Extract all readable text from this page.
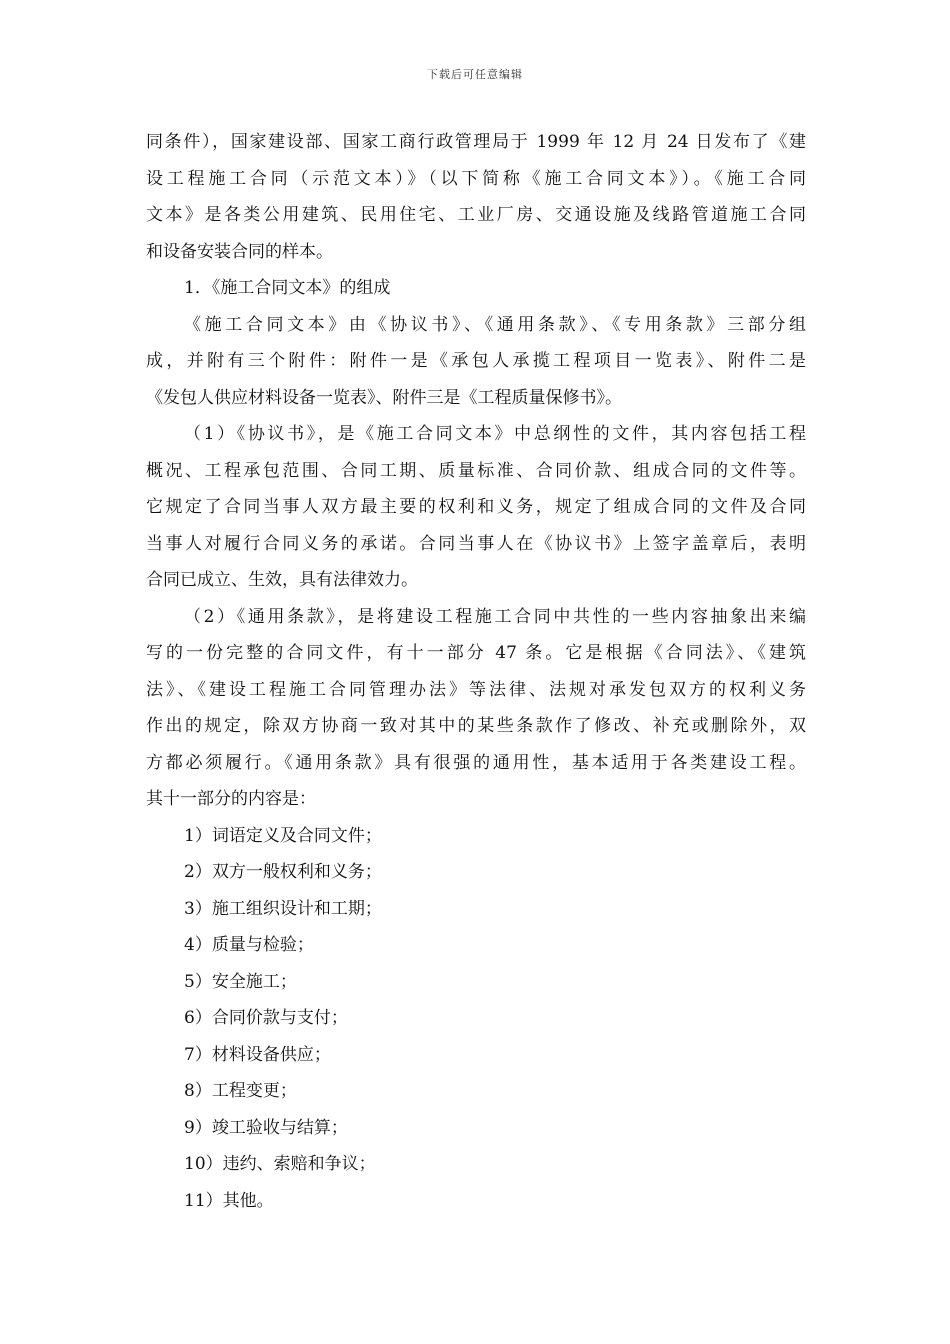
下载后可任意编辑
同条件），国家建设部、国家工商行政管理局于 1999 年 12 月 24 日发布了《建
设工程施工合同（示范文本）》（以下简称《施工合同文本》）。《施工合同
文本》是各类公用建筑、民用住宅、工业厂房、交通设施及线路管道施工合同
和设备安装合同的样本。
1．《施工合同文本》的组成
《施工合同文本》由《协议书》、《通用条款》、《专用条款》三部分组
成，并附有三个附件：附件一是《承包人承揽工程项目一览表》、附件二是
《发包人供应材料设备一览表》、附件三是《工程质量保修书》。
（1）《协议书》，是《施工合同文本》中总纲性的文件，其内容包括工程
概况、工程承包范围、合同工期、质量标准、合同价款、组成合同的文件等。
它规定了合同当事人双方最主要的权利和义务，规定了组成合同的文件及合同
当事人对履行合同义务的承诺。合同当事人在《协议书》上签字盖章后，表明
合同已成立、生效，具有法律效力。
（2）《通用条款》，是将建设工程施工合同中共性的一些内容抽象出来编
写的一份完整的合同文件，有十一部分 47 条。它是根据《合同法》、《建筑
法》、《建设工程施工合同管理办法》等法律、法规对承发包双方的权利义务
作出的规定，除双方协商一致对其中的某些条款作了修改、补充或删除外，双
方都必须履行。《通用条款》具有很强的通用性，基本适用于各类建设工程。
其十一部分的内容是：
1）词语定义及合同文件；
2）双方一般权利和义务；
3）施工组织设计和工期；
4）质量与检验；
5）安全施工；
6）合同价款与支付；
7）材料设备供应；
8）工程变更；
9）竣工验收与结算；
10）违约、索赔和争议；
11）其他。
